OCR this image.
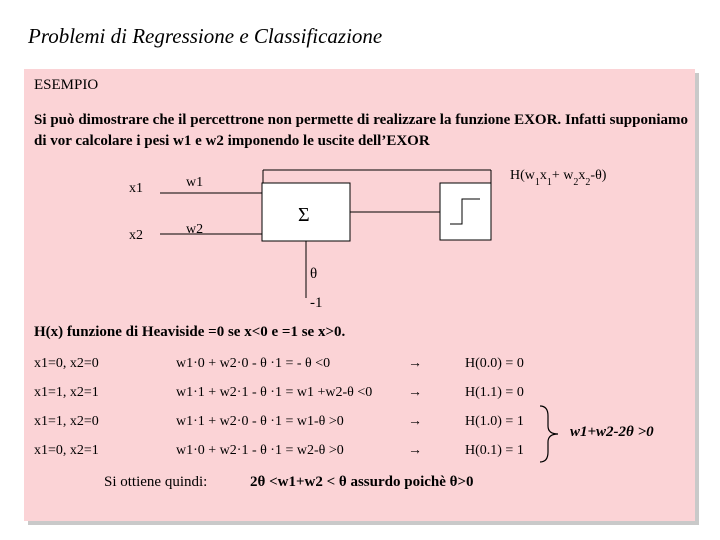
Problemi di Regressione e Classificazione
ESEMPIO
Si può dimostrare che il percettrone non permette di realizzare la funzione EXOR. Infatti supponiamo di vor calcolare i pesi w1 e w2 imponendo le uscite dell’EXOR
x1
x2
w1
w2
Σ
θ
-1
$H(w_1x_1+ w_2x_2-\theta)$
H(x) funzione di Heaviside =0 se x<0 e =1 se x>0.
x1=0, x2=0	w1·0 + w2·0 - θ ·1 = - θ <0	→	H(0.0) = 0
x1=1, x2=1	w1·1 + w2·1 - θ ·1 = w1 +w2-θ <0	→	H(1.1) = 0
x1=1, x2=0	w1·1 + w2·0 - θ ·1 = w1-θ >0	→	H(1.0) = 1
x1=0, x2=1	w1·0 + w2·1 - θ ·1 = w2-θ >0	→	H(0.1) = 1
w1+w2-2θ >0
Si ottiene quindi:	2θ <w1+w2 < θ assurdo poichè θ>0
